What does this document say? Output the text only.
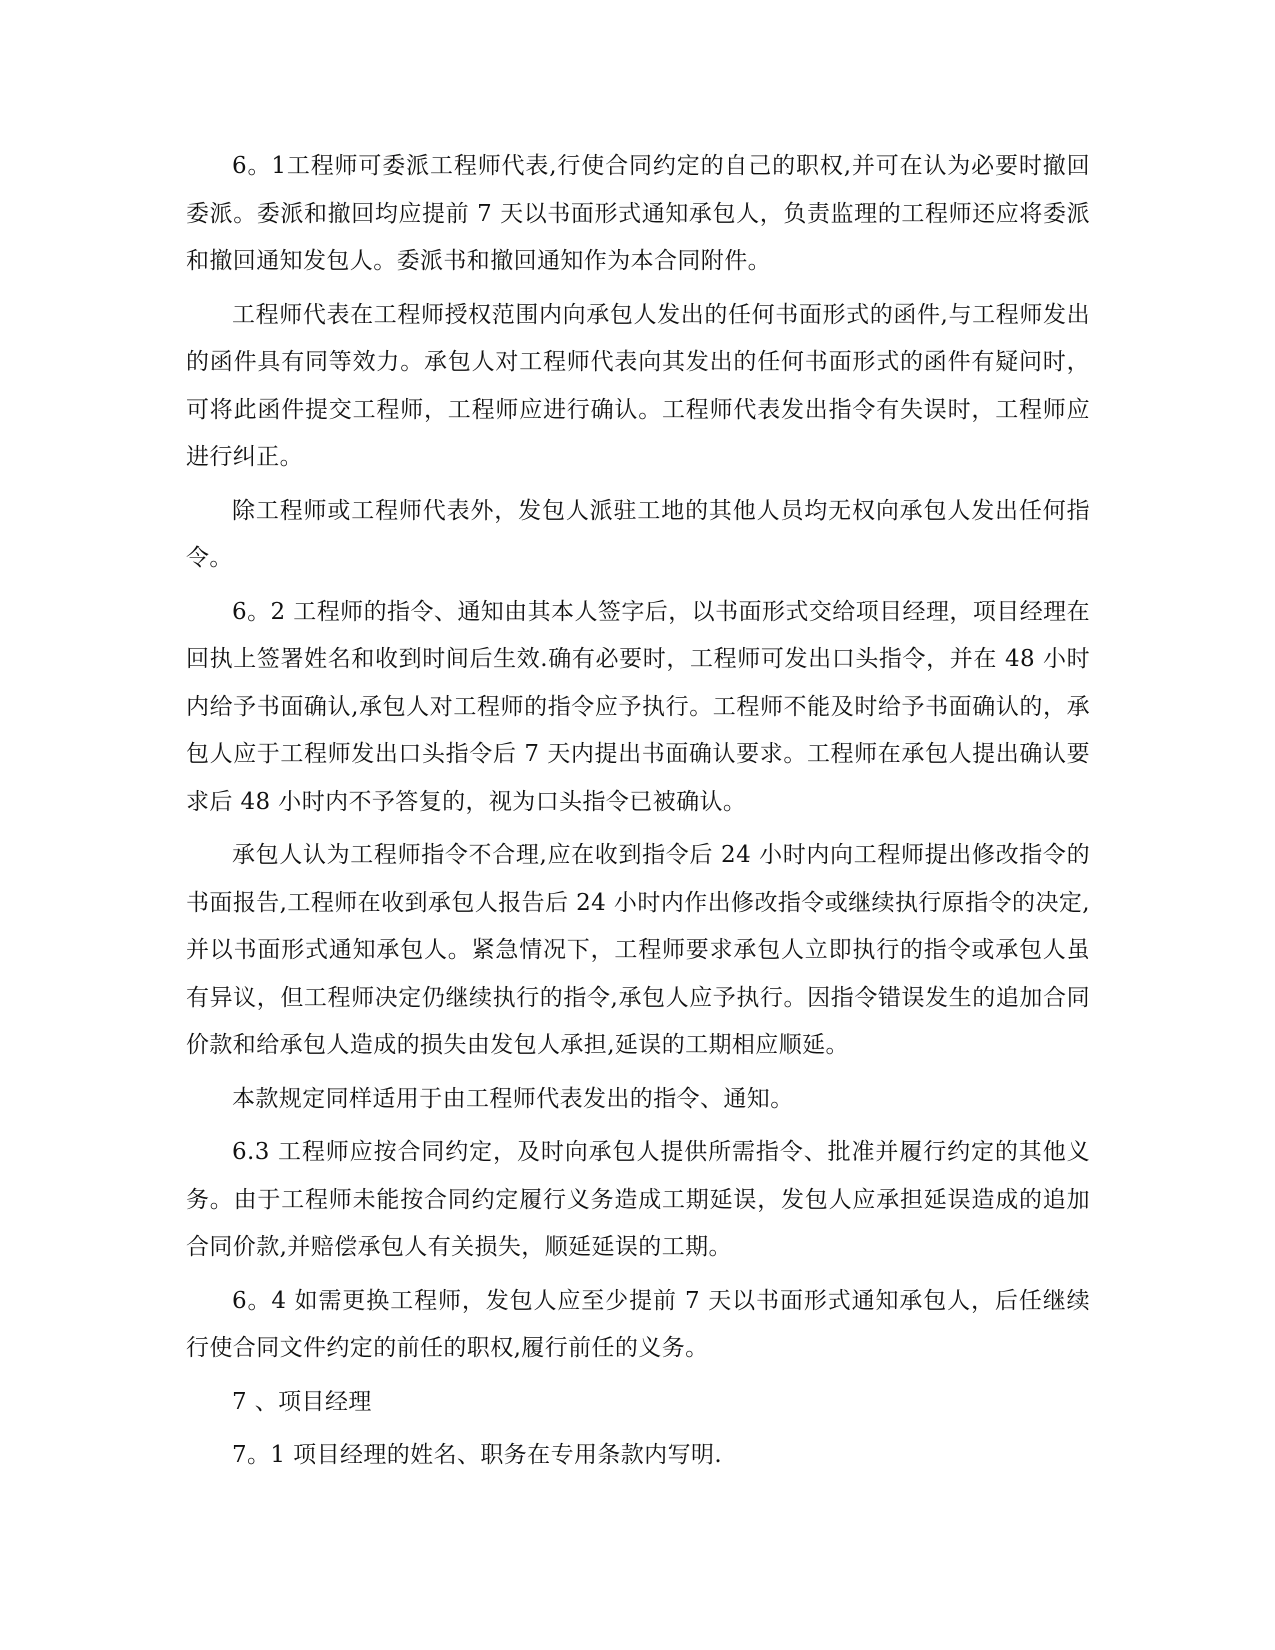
6。1工程师可委派工程师代表,行使合同约定的自己的职权,并可在认为必要时撤回委派。委派和撤回均应提前 7 天以书面形式通知承包人，负责监理的工程师还应将委派和撤回通知发包人。委派书和撤回通知作为本合同附件。

工程师代表在工程师授权范围内向承包人发出的任何书面形式的函件,与工程师发出的函件具有同等效力。承包人对工程师代表向其发出的任何书面形式的函件有疑问时，可将此函件提交工程师，工程师应进行确认。工程师代表发出指令有失误时，工程师应进行纠正。

除工程师或工程师代表外，发包人派驻工地的其他人员均无权向承包人发出任何指令。

6。2 工程师的指令、通知由其本人签字后，以书面形式交给项目经理，项目经理在回执上签署姓名和收到时间后生效.确有必要时，工程师可发出口头指令，并在 48 小时内给予书面确认,承包人对工程师的指令应予执行。工程师不能及时给予书面确认的，承包人应于工程师发出口头指令后 7 天内提出书面确认要求。工程师在承包人提出确认要求后 48 小时内不予答复的，视为口头指令已被确认。

承包人认为工程师指令不合理,应在收到指令后 24 小时内向工程师提出修改指令的书面报告,工程师在收到承包人报告后 24 小时内作出修改指令或继续执行原指令的决定,并以书面形式通知承包人。紧急情况下，工程师要求承包人立即执行的指令或承包人虽有异议，但工程师决定仍继续执行的指令,承包人应予执行。因指令错误发生的追加合同价款和给承包人造成的损失由发包人承担,延误的工期相应顺延。

本款规定同样适用于由工程师代表发出的指令、通知。

6.3 工程师应按合同约定，及时向承包人提供所需指令、批准并履行约定的其他义务。由于工程师未能按合同约定履行义务造成工期延误，发包人应承担延误造成的追加合同价款,并赔偿承包人有关损失，顺延延误的工期。

6。4 如需更换工程师，发包人应至少提前 7 天以书面形式通知承包人，后任继续行使合同文件约定的前任的职权,履行前任的义务。

7 、项目经理

7。1 项目经理的姓名、职务在专用条款内写明.
